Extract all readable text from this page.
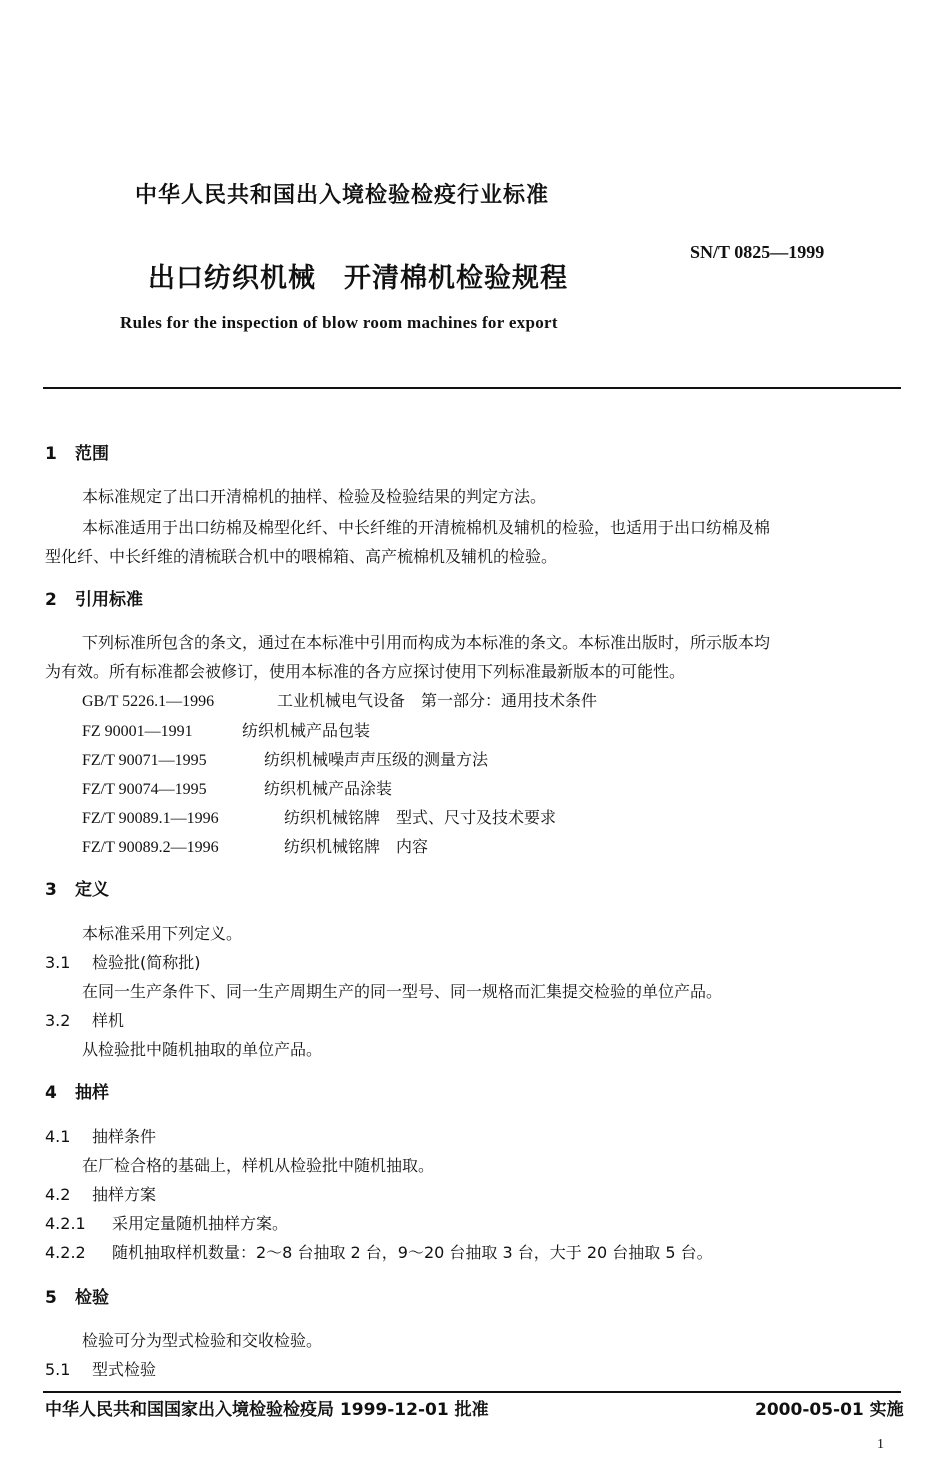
中华人民共和国出入境检验检疫行业标准
SN/T 0825—1999
出口纺织机械　开清棉机检验规程
Rules for the inspection of blow room machines for export
1 范围
本标准规定了出口开清棉机的抽样、检验及检验结果的判定方法。
本标准适用于出口纺棉及棉型化纤、中长纤维的开清梳棉机及辅机的检验，也适用于出口纺棉及棉
型化纤、中长纤维的清梳联合机中的喂棉箱、高产梳棉机及辅机的检验。
2 引用标准
下列标准所包含的条文，通过在本标准中引用而构成为本标准的条文。本标准出版时，所示版本均
为有效。所有标准都会被修订，使用本标准的各方应探讨使用下列标准最新版本的可能性。
GB/T 5226.1—1996	工业机械电气设备　第一部分：通用技术条件
FZ 90001—1991	纺织机械产品包装
FZ/T 90071—1995	纺织机械噪声声压级的测量方法
FZ/T 90074—1995	纺织机械产品涂装
FZ/T 90089.1—1996	纺织机械铭牌　型式、尺寸及技术要求
FZ/T 90089.2—1996	纺织机械铭牌　内容
3 定义
本标准采用下列定义。
3.1 检验批(简称批)
在同一生产条件下、同一生产周期生产的同一型号、同一规格而汇集提交检验的单位产品。
3.2 样机
从检验批中随机抽取的单位产品。
4 抽样
4.1 抽样条件
在厂检合格的基础上，样机从检验批中随机抽取。
4.2 抽样方案
4.2.1 采用定量随机抽样方案。
4.2.2 随机抽取样机数量：2～8 台抽取 2 台，9～20 台抽取 3 台，大于 20 台抽取 5 台。
5 检验
检验可分为型式检验和交收检验。
5.1 型式检验
中华人民共和国国家出入境检验检疫局 1999-12-01 批准	2000-05-01 实施
1
